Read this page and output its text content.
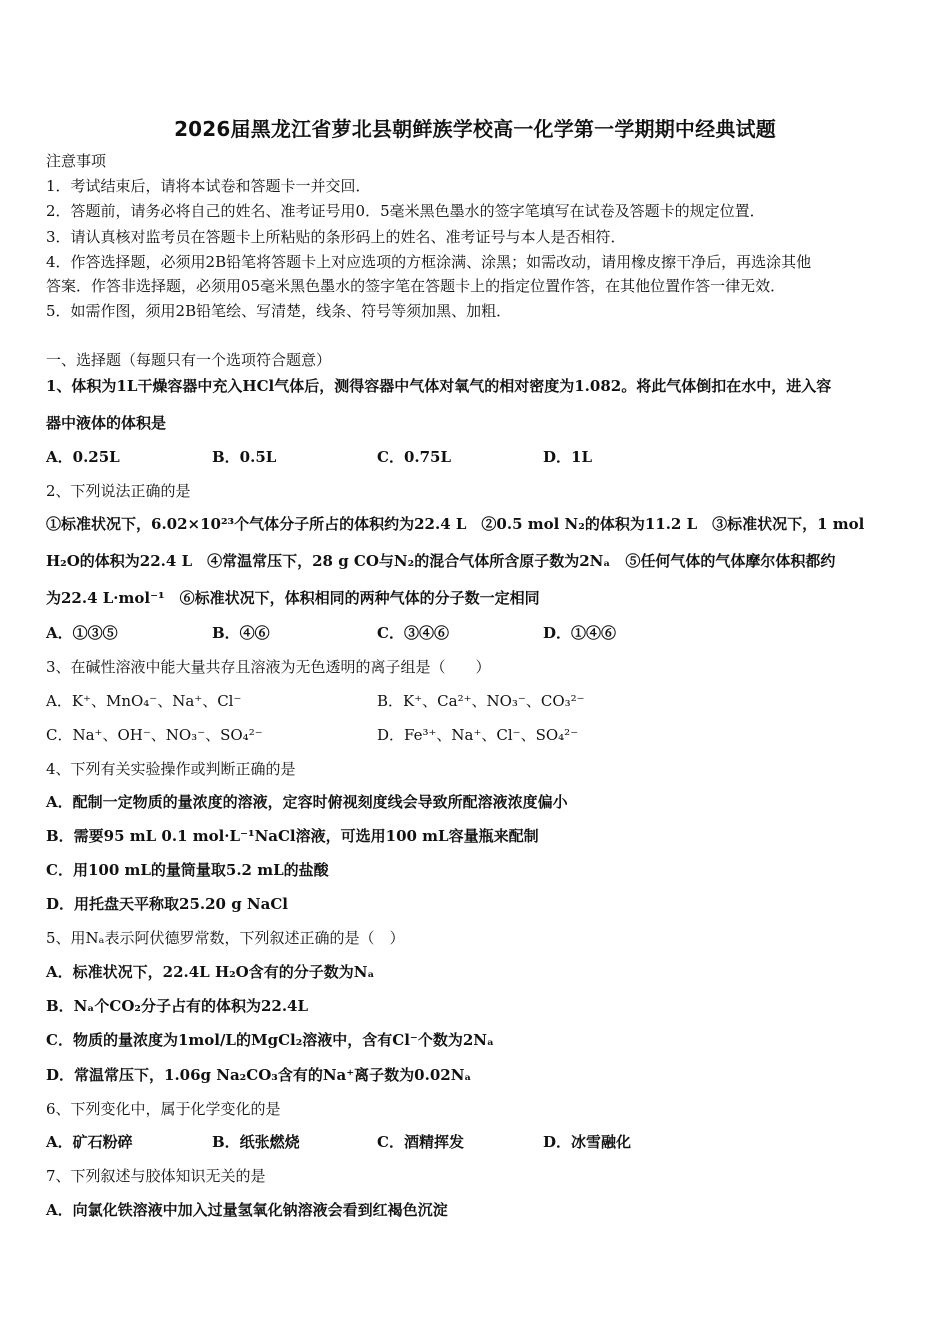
2026届黑龙江省萝北县朝鲜族学校高一化学第一学期期中经典试题
注意事项
1．考试结束后，请将本试卷和答题卡一并交回．
2．答题前，请务必将自己的姓名、准考证号用0．5毫米黑色墨水的签字笔填写在试卷及答题卡的规定位置．
3．请认真核对监考员在答题卡上所粘贴的条形码上的姓名、准考证号与本人是否相符．
4．作答选择题，必须用2B铅笔将答题卡上对应选项的方框涂满、涂黑；如需改动，请用橡皮擦干净后，再选涂其他
答案．作答非选择题，必须用05毫米黑色墨水的签字笔在答题卡上的指定位置作答，在其他位置作答一律无效．
5．如需作图，须用2B铅笔绘、写清楚，线条、符号等须加黑、加粗．
一、选择题（每题只有一个选项符合题意）
1、体积为1L干燥容器中充入HCl气体后，测得容器中气体对氧气的相对密度为1.082。将此气体倒扣在水中，进入容
器中液体的体积是
A．0.25L	B．0.5L	C．0.75L	D．1L
2、下列说法正确的是
①标准状况下，6.02×10²³个气体分子所占的体积约为22.4 L　②0.5 mol N₂的体积为11.2 L　③标准状况下，1 mol
H₂O的体积为22.4 L　④常温常压下，28 g CO与N₂的混合气体所含原子数为2Nₐ　⑤任何气体的气体摩尔体积都约
为22.4 L·mol⁻¹　⑥标准状况下，体积相同的两种气体的分子数一定相同
A．①③⑤	B．④⑥	C．③④⑥	D．①④⑥
3、在碱性溶液中能大量共存且溶液为无色透明的离子组是（　　）
A．K⁺、MnO₄⁻、Na⁺、Cl⁻	B．K⁺、Ca²⁺、NO₃⁻、CO₃²⁻
C．Na⁺、OH⁻、NO₃⁻、SO₄²⁻	D．Fe³⁺、Na⁺、Cl⁻、SO₄²⁻
4、下列有关实验操作或判断正确的是
A．配制一定物质的量浓度的溶液，定容时俯视刻度线会导致所配溶液浓度偏小
B．需要95 mL 0.1 mol·L⁻¹NaCl溶液，可选用100 mL容量瓶来配制
C．用100 mL的量筒量取5.2 mL的盐酸
D．用托盘天平称取25.20 g NaCl
5、用Nₐ表示阿伏德罗常数，下列叙述正确的是（　）
A．标准状况下，22.4L H₂O含有的分子数为Nₐ
B．Nₐ个CO₂分子占有的体积为22.4L
C．物质的量浓度为1mol/L的MgCl₂溶液中，含有Cl⁻个数为2Nₐ
D．常温常压下，1.06g Na₂CO₃含有的Na⁺离子数为0.02Nₐ
6、下列变化中，属于化学变化的是
A．矿石粉碎	B．纸张燃烧	C．酒精挥发	D．冰雪融化
7、下列叙述与胶体知识无关的是
A．向氯化铁溶液中加入过量氢氧化钠溶液会看到红褐色沉淀
